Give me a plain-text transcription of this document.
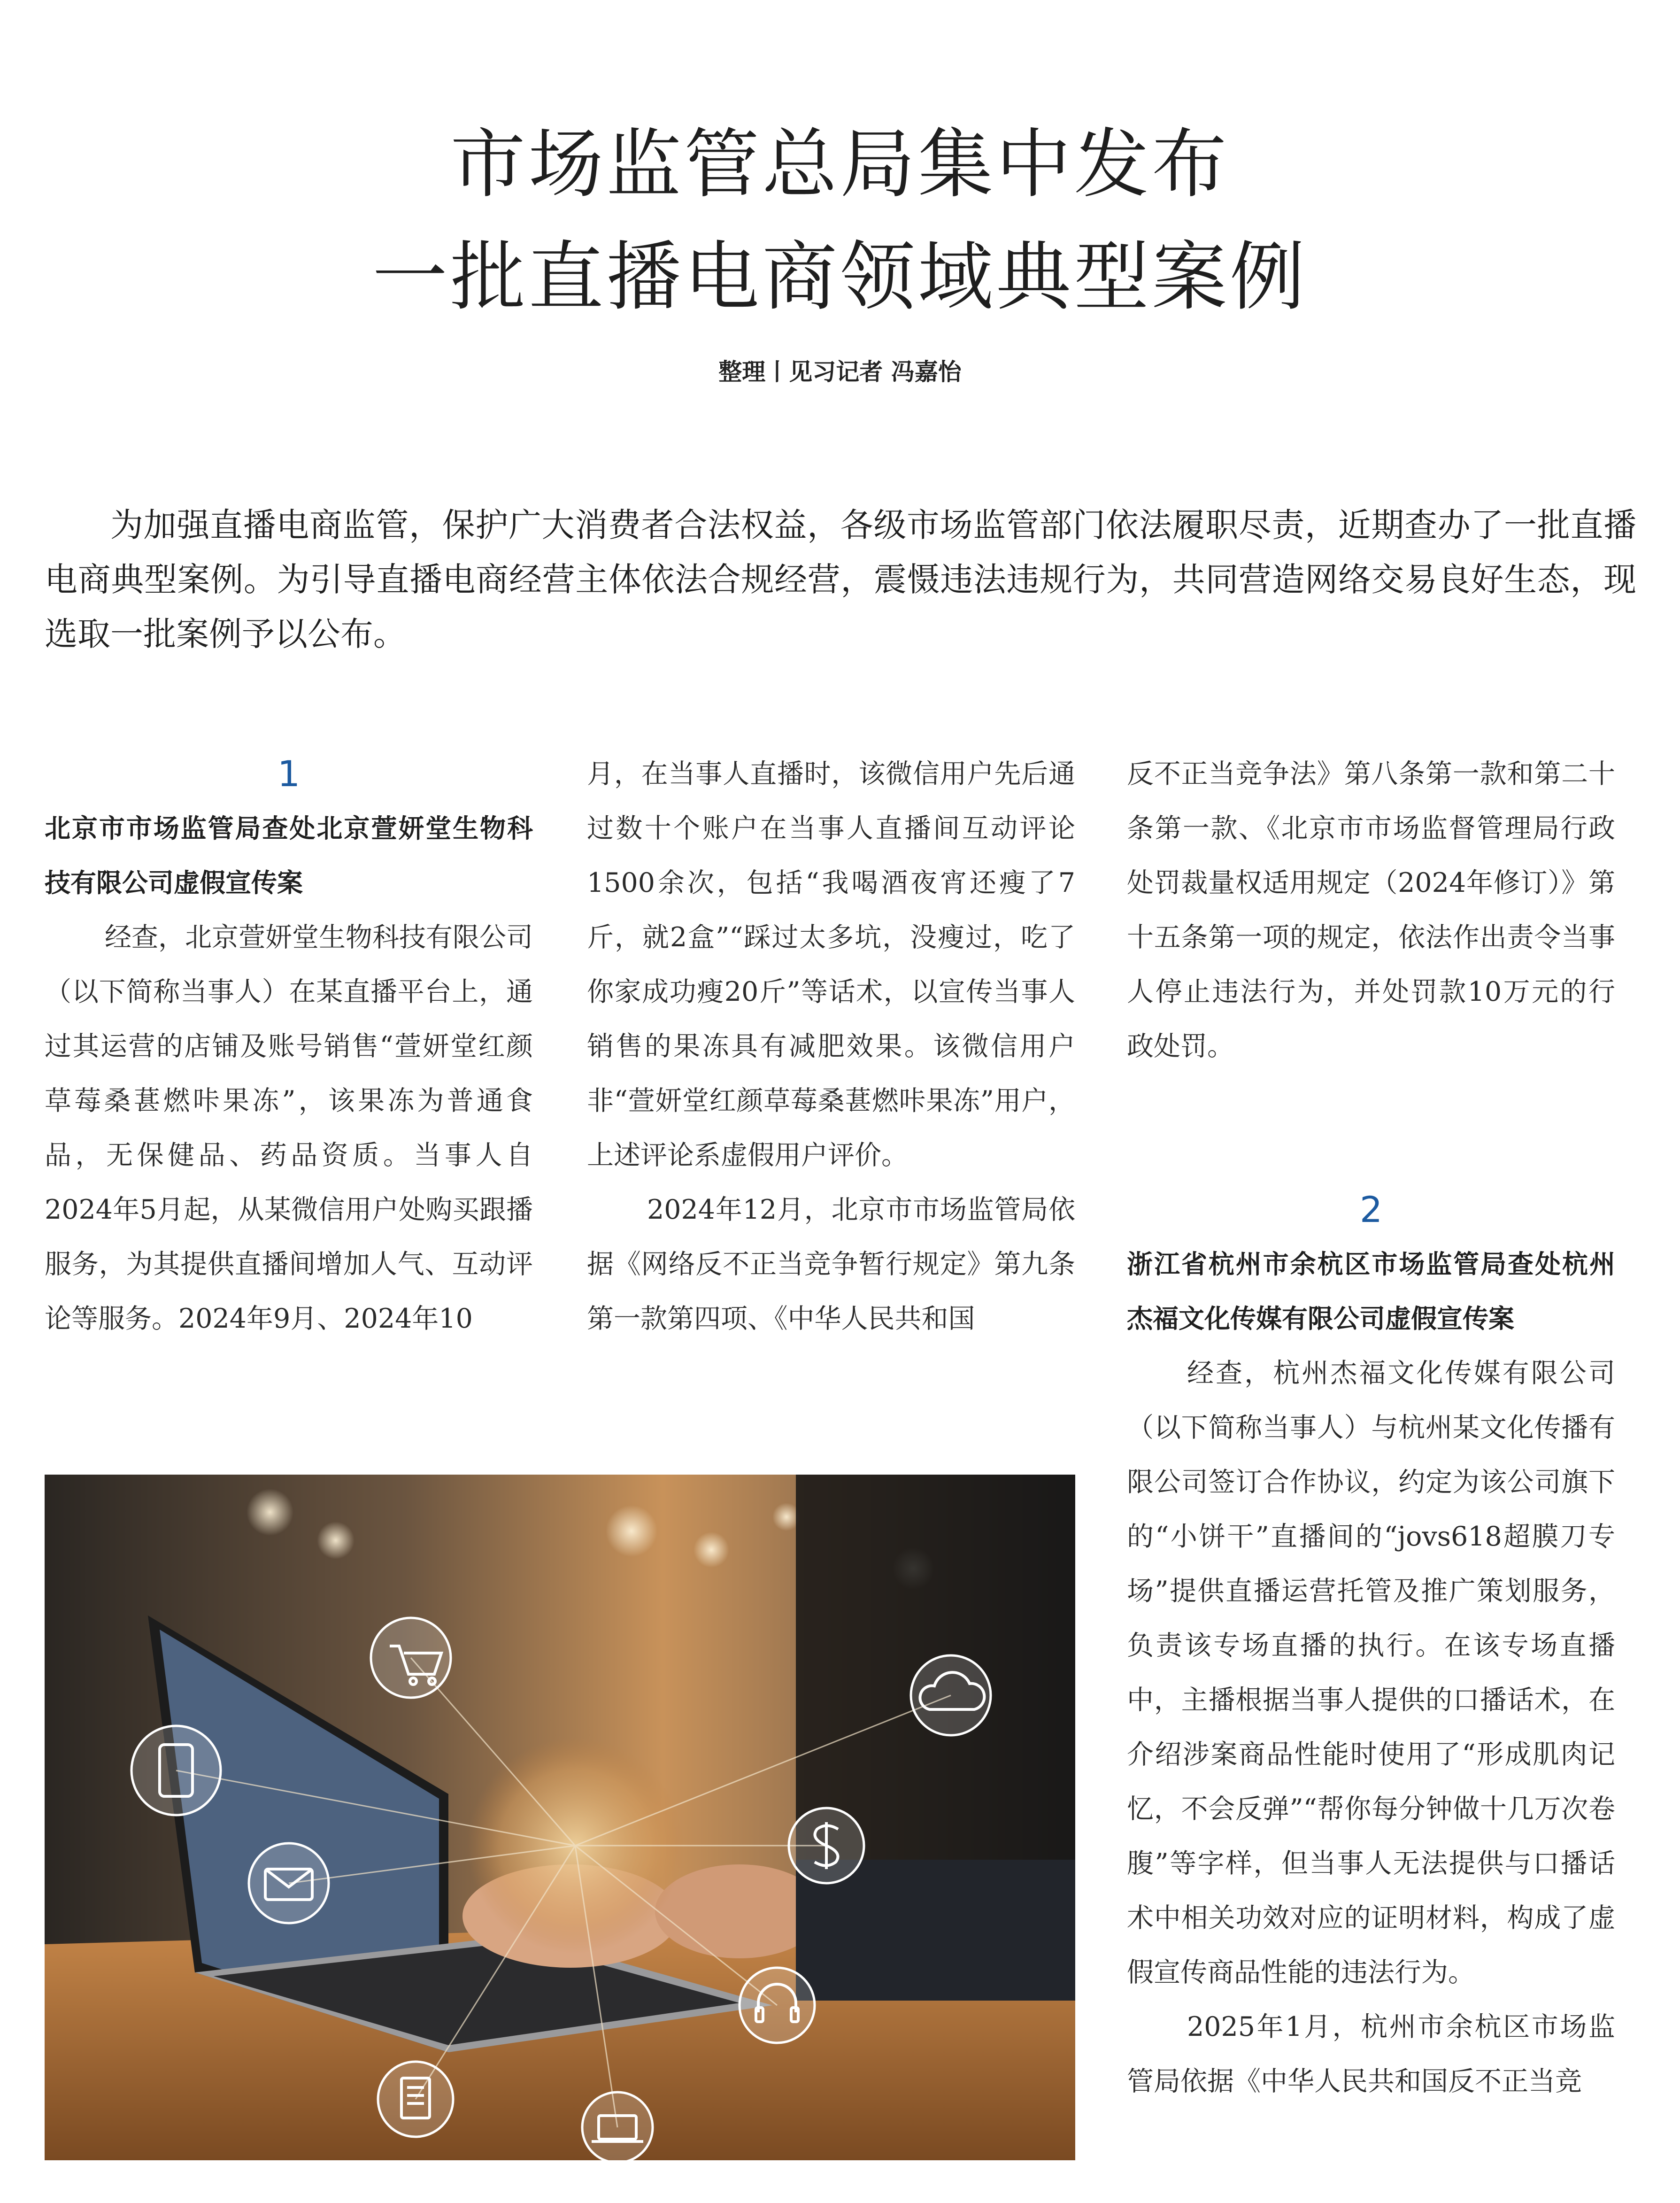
市场监管总局集中发布
一批直播电商领域典型案例
整理丨见习记者 冯嘉怡
为加强直播电商监管，保护广大消费者合法权益，各级市场监管部门依法履职尽责，近期查办了一批直播电商典型案例。为引导直播电商经营主体依法合规经营，震慑违法违规行为，共同营造网络交易良好生态，现选取一批案例予以公布。
1
北京市市场监管局查处北京萱妍堂生物科技有限公司虚假宣传案

经查，北京萱妍堂生物科技有限公司（以下简称当事人）在某直播平台上，通过其运营的店铺及账号销售“萱妍堂红颜草莓桑葚燃咔果冻”，该果冻为普通食品，无保健品、药品资质。当事人自2024年5月起，从某微信用户处购买跟播服务，为其提供直播间增加人气、互动评论等服务。2024年9月、2024年10

月，在当事人直播时，该微信用户先后通过数十个账户在当事人直播间互动评论1500余次，包括“我喝酒夜宵还瘦了7斤，就2盒”“踩过太多坑，没瘦过，吃了你家成功瘦20斤”等话术，以宣传当事人销售的果冻具有减肥效果。该微信用户非“萱妍堂红颜草莓桑葚燃咔果冻”用户，上述评论系虚假用户评价。

2024年12月，北京市市场监管局依据《网络反不正当竞争暂行规定》第九条第一款第四项、《中华人民共和国

反不正当竞争法》第八条第一款和第二十条第一款、《北京市市场监督管理局行政处罚裁量权适用规定（2024年修订）》第十五条第一项的规定，依法作出责令当事人停止违法行为，并处罚款10万元的行政处罚。

2
浙江省杭州市余杭区市场监管局查处杭州杰福文化传媒有限公司虚假宣传案

经查，杭州杰福文化传媒有限公司（以下简称当事人）与杭州某文化传播有限公司签订合作协议，约定为该公司旗下的“小饼干”直播间的“jovs618超膜刀专场”提供直播运营托管及推广策划服务，负责该专场直播的执行。在该专场直播中，主播根据当事人提供的口播话术，在介绍涉案商品性能时使用了“形成肌肉记忆，不会反弹”“帮你每分钟做十几万次卷腹”等字样，但当事人无法提供与口播话术中相关功效对应的证明材料，构成了虚假宣传商品性能的违法行为。

2025年1月，杭州市余杭区市场监管局依据《中华人民共和国反不正当竞
